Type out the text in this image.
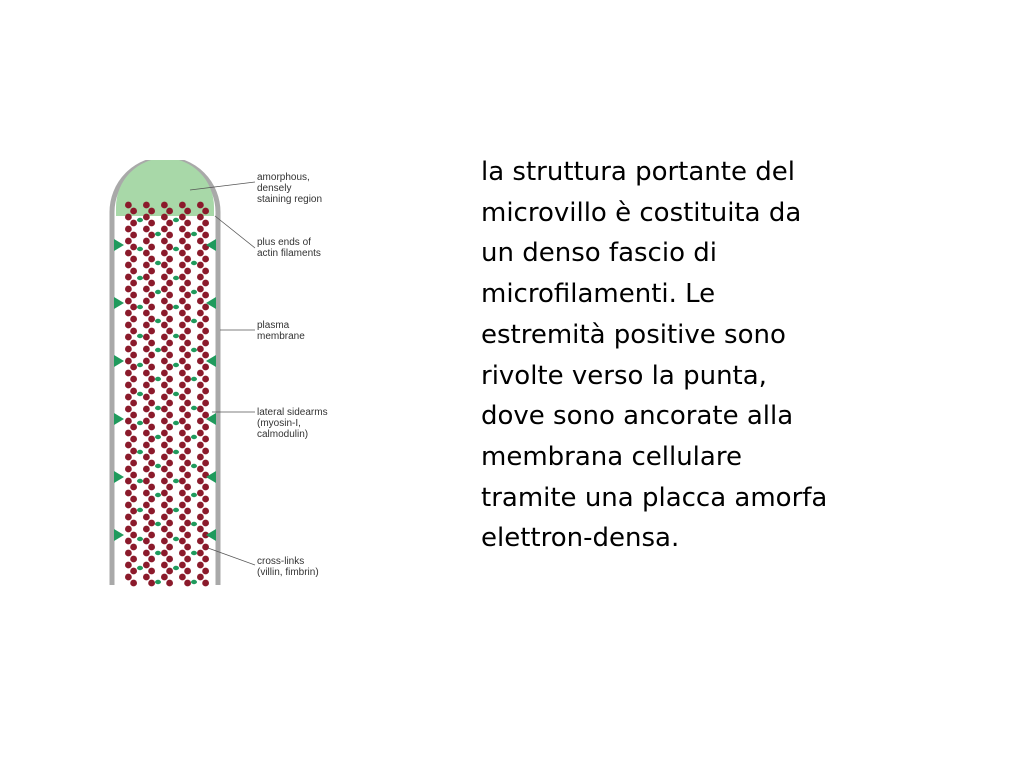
amorphous,
densely
staining region
plus ends of
actin filaments
plasma
membrane
lateral sidearms
(myosin-I,
calmodulin)
cross-links
(villin, fimbrin)
la struttura portante del
microvillo è costituita da
un denso fascio di
microfilamenti. Le
estremità positive sono
rivolte verso la punta,
dove sono ancorate alla
membrana cellulare
tramite una placca amorfa
elettron-densa.
